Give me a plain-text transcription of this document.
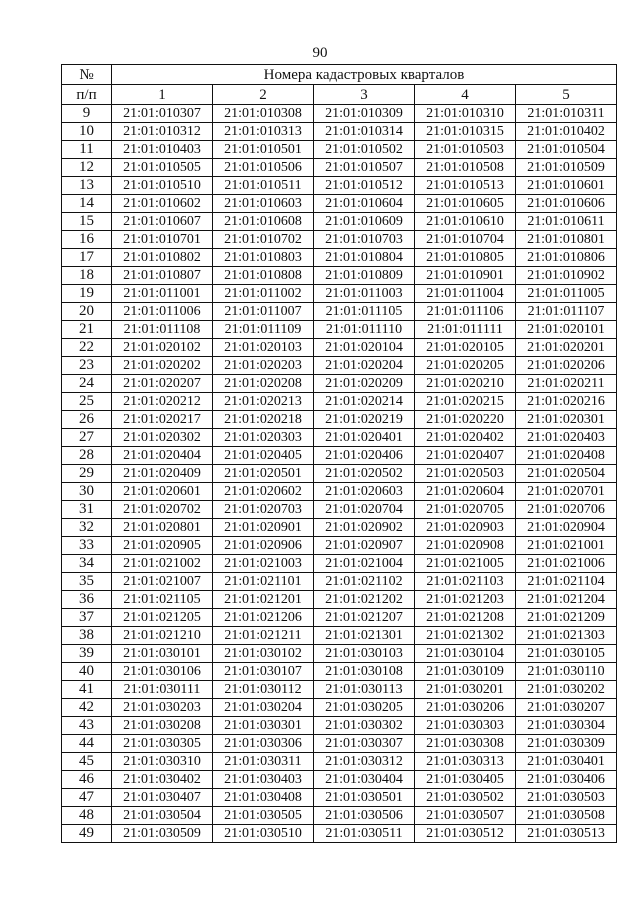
90
№	Номера кадастровых кварталов				
п/п	1	2	3	4	5
9	21:01:010307	21:01:010308	21:01:010309	21:01:010310	21:01:010311
10	21:01:010312	21:01:010313	21:01:010314	21:01:010315	21:01:010402
11	21:01:010403	21:01:010501	21:01:010502	21:01:010503	21:01:010504
12	21:01:010505	21:01:010506	21:01:010507	21:01:010508	21:01:010509
13	21:01:010510	21:01:010511	21:01:010512	21:01:010513	21:01:010601
14	21:01:010602	21:01:010603	21:01:010604	21:01:010605	21:01:010606
15	21:01:010607	21:01:010608	21:01:010609	21:01:010610	21:01:010611
16	21:01:010701	21:01:010702	21:01:010703	21:01:010704	21:01:010801
17	21:01:010802	21:01:010803	21:01:010804	21:01:010805	21:01:010806
18	21:01:010807	21:01:010808	21:01:010809	21:01:010901	21:01:010902
19	21:01:011001	21:01:011002	21:01:011003	21:01:011004	21:01:011005
20	21:01:011006	21:01:011007	21:01:011105	21:01:011106	21:01:011107
21	21:01:011108	21:01:011109	21:01:011110	21:01:011111	21:01:020101
22	21:01:020102	21:01:020103	21:01:020104	21:01:020105	21:01:020201
23	21:01:020202	21:01:020203	21:01:020204	21:01:020205	21:01:020206
24	21:01:020207	21:01:020208	21:01:020209	21:01:020210	21:01:020211
25	21:01:020212	21:01:020213	21:01:020214	21:01:020215	21:01:020216
26	21:01:020217	21:01:020218	21:01:020219	21:01:020220	21:01:020301
27	21:01:020302	21:01:020303	21:01:020401	21:01:020402	21:01:020403
28	21:01:020404	21:01:020405	21:01:020406	21:01:020407	21:01:020408
29	21:01:020409	21:01:020501	21:01:020502	21:01:020503	21:01:020504
30	21:01:020601	21:01:020602	21:01:020603	21:01:020604	21:01:020701
31	21:01:020702	21:01:020703	21:01:020704	21:01:020705	21:01:020706
32	21:01:020801	21:01:020901	21:01:020902	21:01:020903	21:01:020904
33	21:01:020905	21:01:020906	21:01:020907	21:01:020908	21:01:021001
34	21:01:021002	21:01:021003	21:01:021004	21:01:021005	21:01:021006
35	21:01:021007	21:01:021101	21:01:021102	21:01:021103	21:01:021104
36	21:01:021105	21:01:021201	21:01:021202	21:01:021203	21:01:021204
37	21:01:021205	21:01:021206	21:01:021207	21:01:021208	21:01:021209
38	21:01:021210	21:01:021211	21:01:021301	21:01:021302	21:01:021303
39	21:01:030101	21:01:030102	21:01:030103	21:01:030104	21:01:030105
40	21:01:030106	21:01:030107	21:01:030108	21:01:030109	21:01:030110
41	21:01:030111	21:01:030112	21:01:030113	21:01:030201	21:01:030202
42	21:01:030203	21:01:030204	21:01:030205	21:01:030206	21:01:030207
43	21:01:030208	21:01:030301	21:01:030302	21:01:030303	21:01:030304
44	21:01:030305	21:01:030306	21:01:030307	21:01:030308	21:01:030309
45	21:01:030310	21:01:030311	21:01:030312	21:01:030313	21:01:030401
46	21:01:030402	21:01:030403	21:01:030404	21:01:030405	21:01:030406
47	21:01:030407	21:01:030408	21:01:030501	21:01:030502	21:01:030503
48	21:01:030504	21:01:030505	21:01:030506	21:01:030507	21:01:030508
49	21:01:030509	21:01:030510	21:01:030511	21:01:030512	21:01:030513
